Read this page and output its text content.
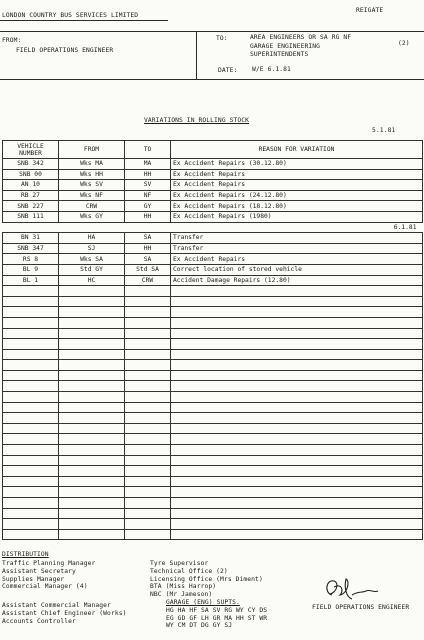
LONDON COUNTRY BUS SERVICES LIMITED
REIGATE
FROM:
FIELD OPERATIONS ENGINEER
TO:	AREA ENGINEERS OR SA RG NF
GARAGE ENGINEERING
SUPERINTENDENTS
(2)
DATE: W/E 6.1.81
VARIATIONS IN ROLLING STOCK
5.1.81
VEHICLE NUMBER	FROM	TO	REASON FOR VARIATION
SNB 342	Wks MA	MA	Ex Accident Repairs (30.12.80)
SNB 00	Wks HH	HH	Ex Accident Repairs
AN 10	Wks SV	SV	Ex Accident Repairs
RB 27	Wks NF	NF	Ex Accident Repairs (24.12.80)
SNB 227	CRW	GY	Ex Accident Repairs (18.12.80)
SNB 111	Wks GY	HH	Ex Accident Repairs (1980)
6.1.81			
BN 31	HA	SA	Transfer
SNB 347	SJ	HH	Transfer
RS 8	Wks SA	SA	Ex Accident Repairs
BL 9	Std GY	Std SA	Correct location of stored vehicle
BL 1	HC	CRW	Accident Damage Repairs (12.80)

DISTRIBUTION
Traffic Planning Manager
Assistant Secretary
Supplies Manager
Commercial Manager (4)
Assistant Commercial Manager
Assistant Chief Engineer (Works)
Accounts Controller
Tyre Supervisor
Technical Office (2)
Licensing Office (Mrs Diment)
BTA (Miss Harrop)
NBC (Mr Jameson)
GARAGE (ENG) SUPTS.
HG HA HF SA SV RG WY CY DS
EG GD GF LH GR MA HH ST WR
WY CM DT DG GY SJ
FIELD OPERATIONS ENGINEER
